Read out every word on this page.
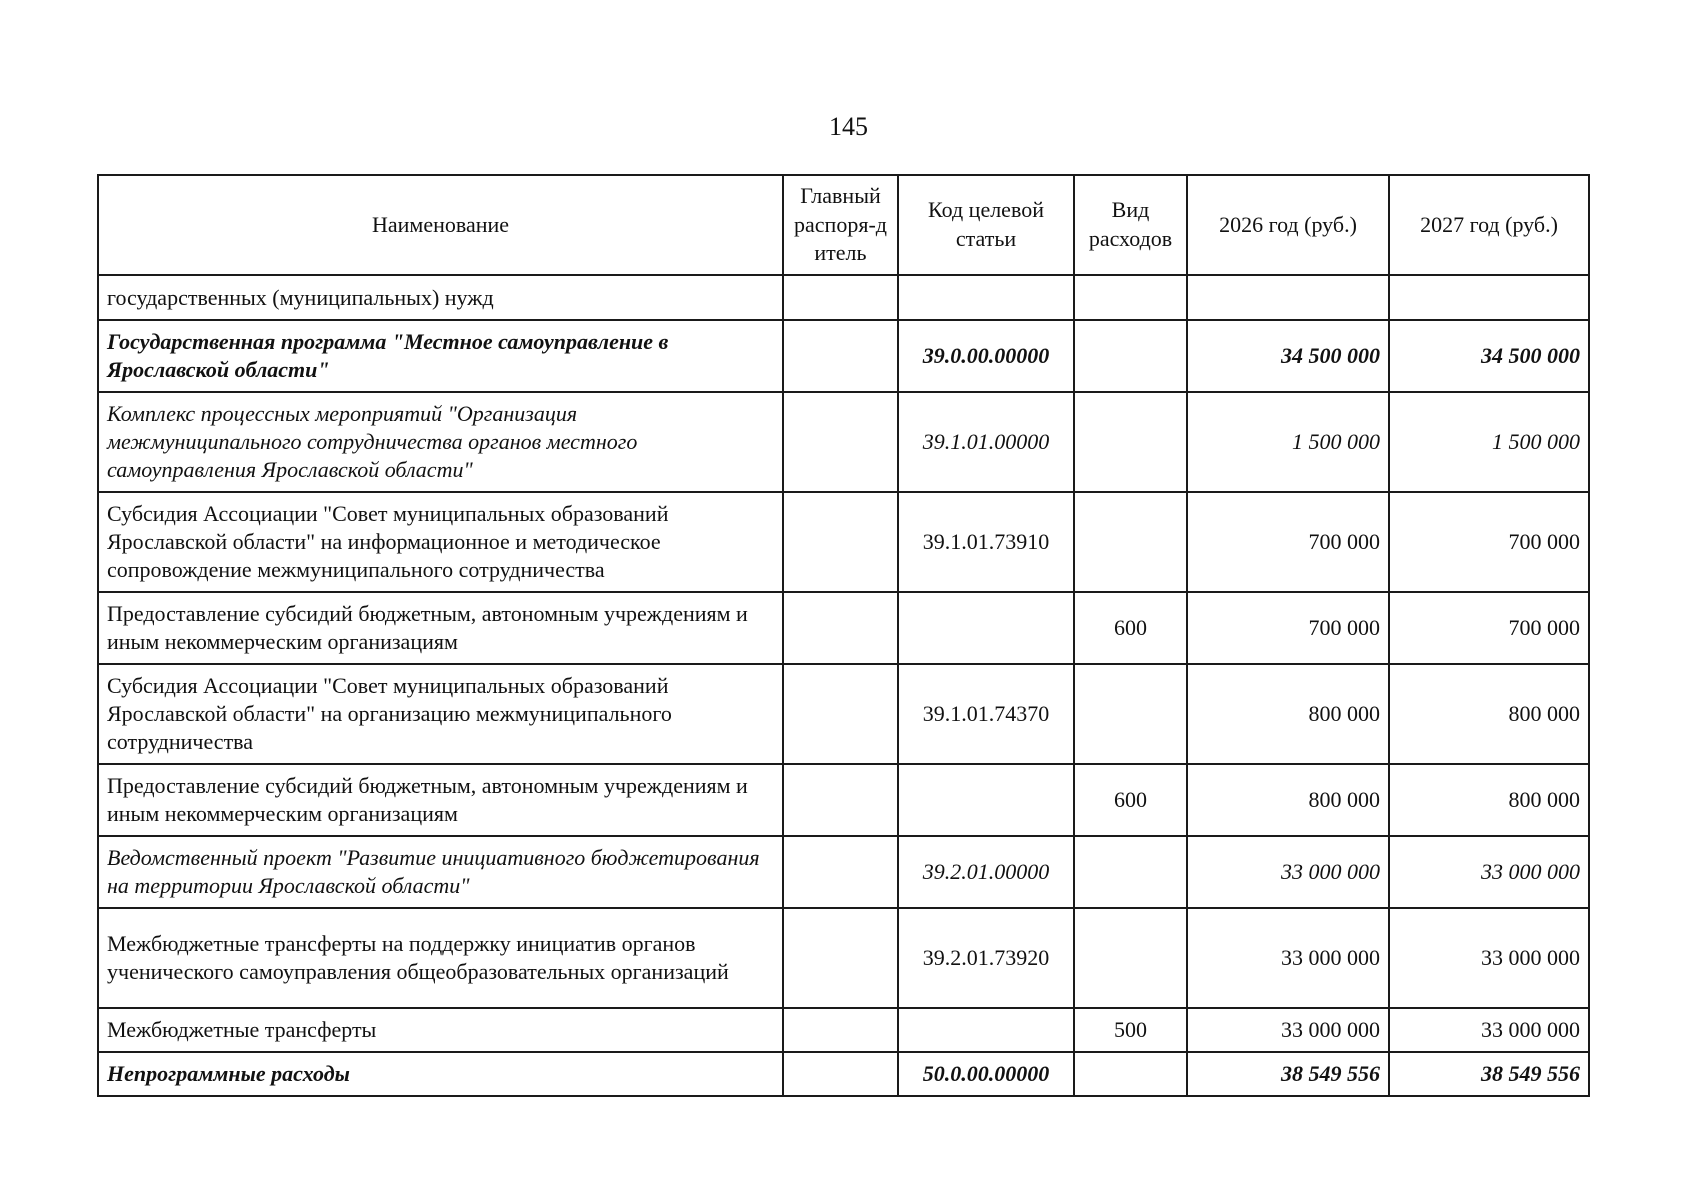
145
Наименование	Главный распоря-дитель	Код целевой статьи	Вид расходов	2026 год (руб.)	2027 год (руб.)
государственных (муниципальных) нужд					
Государственная программа "Местное самоуправление в Ярославской области"		39.0.00.00000		34 500 000	34 500 000
Комплекс процессных мероприятий "Организация межмуниципального сотрудничества органов местного самоуправления Ярославской области"		39.1.01.00000		1 500 000	1 500 000
Субсидия Ассоциации "Совет муниципальных образований Ярославской области" на информационное и методическое сопровождение межмуниципального сотрудничества		39.1.01.73910		700 000	700 000
Предоставление субсидий бюджетным, автономным учреждениям и иным некоммерческим организациям			600	700 000	700 000
Субсидия Ассоциации "Совет муниципальных образований Ярославской области" на организацию межмуниципального сотрудничества		39.1.01.74370		800 000	800 000
Предоставление субсидий бюджетным, автономным учреждениям и иным некоммерческим организациям			600	800 000	800 000
Ведомственный проект "Развитие инициативного бюджетирования на территории Ярославской области"		39.2.01.00000		33 000 000	33 000 000
Межбюджетные трансферты на поддержку инициатив органов ученического самоуправления общеобразовательных организаций		39.2.01.73920		33 000 000	33 000 000
Межбюджетные трансферты			500	33 000 000	33 000 000
Непрограммные расходы		50.0.00.00000		38 549 556	38 549 556
